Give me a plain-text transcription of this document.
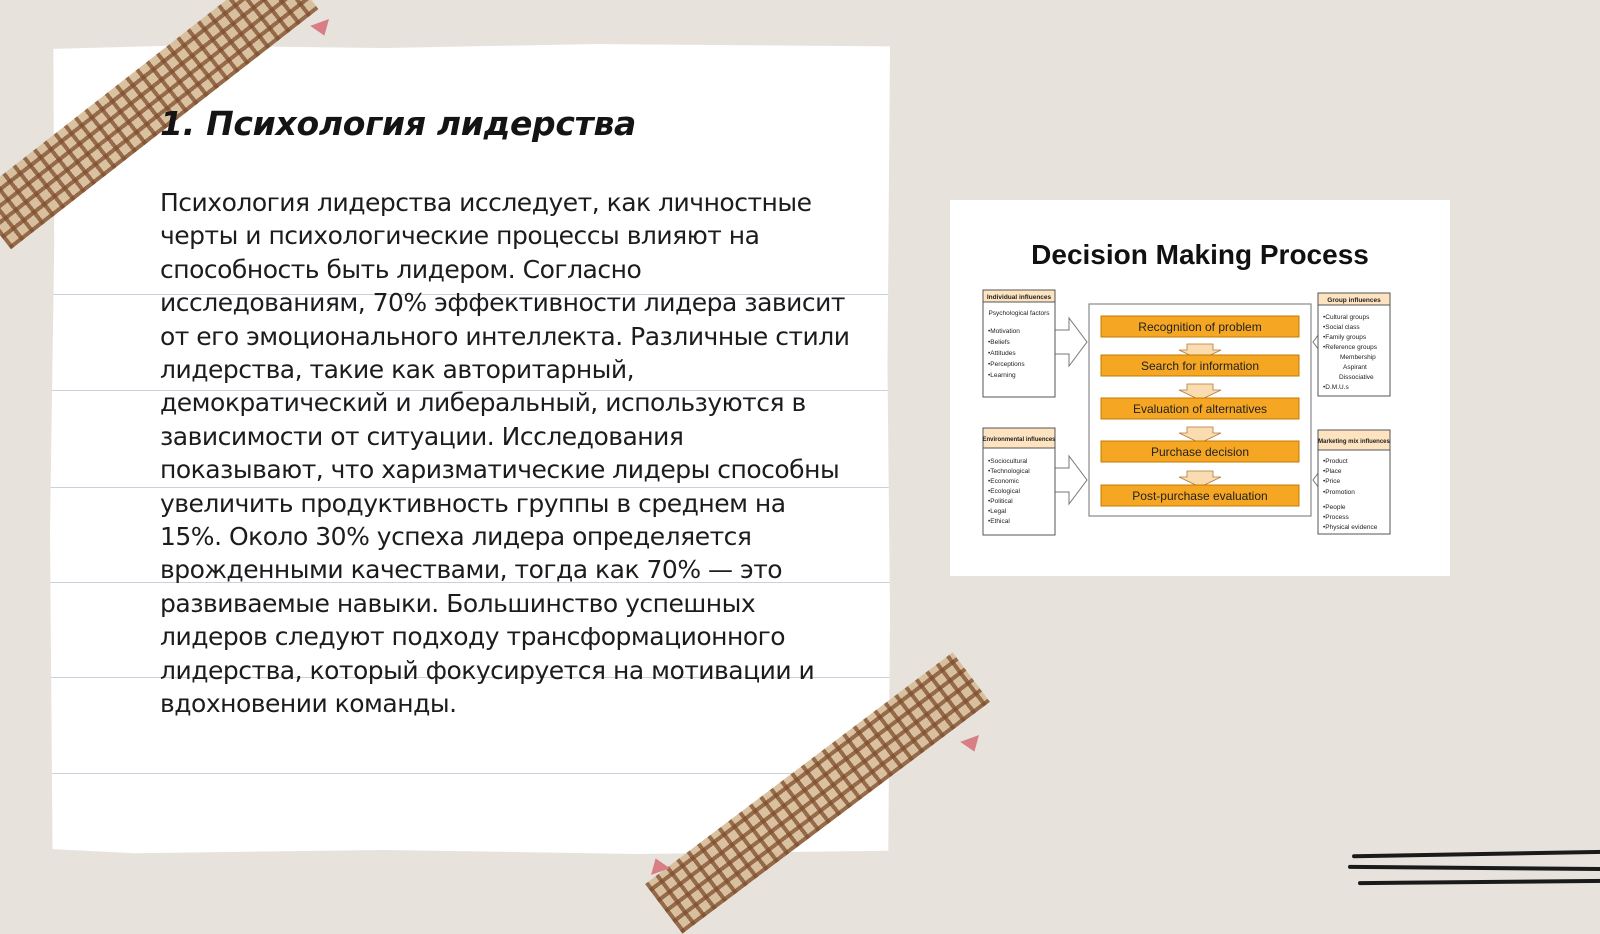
1. Психология лидерства

Психология лидерства исследует, как личностные черты и психологические процессы влияют на способность быть лидером. Согласно исследованиям, 70% эффективности лидера зависит от его эмоционального интеллекта. Различные стили лидерства, такие как авторитарный, демократический и либеральный, используются в зависимости от ситуации. Исследования показывают, что харизматические лидеры способны увеличить продуктивность группы в среднем на 15%. Около 30% успеха лидера определяется врожденными качествами, тогда как 70% — это развиваемые навыки. Большинство успешных лидеров следуют подходу трансформационного лидерства, который фокусируется на мотивации и вдохновении команды.

Decision Making Process
Recognition of problem
Search for information
Evaluation of alternatives
Purchase decision
Post-purchase evaluation
Individual influences
Psychological factors
•Motivation
•Beliefs
•Attitudes
•Perceptions
•Learning
Environmental influences
•Sociocultural
•Technological
•Economic
•Ecological
•Political
•Legal
•Ethical
Group influences
•Cultural groups
•Social class
•Family groups
•Reference groups
Membership
Aspirant
Dissociative
•D.M.U.s
Marketing mix influences
•Product
•Place
•Price
•Promotion
•People
•Process
•Physical evidence
